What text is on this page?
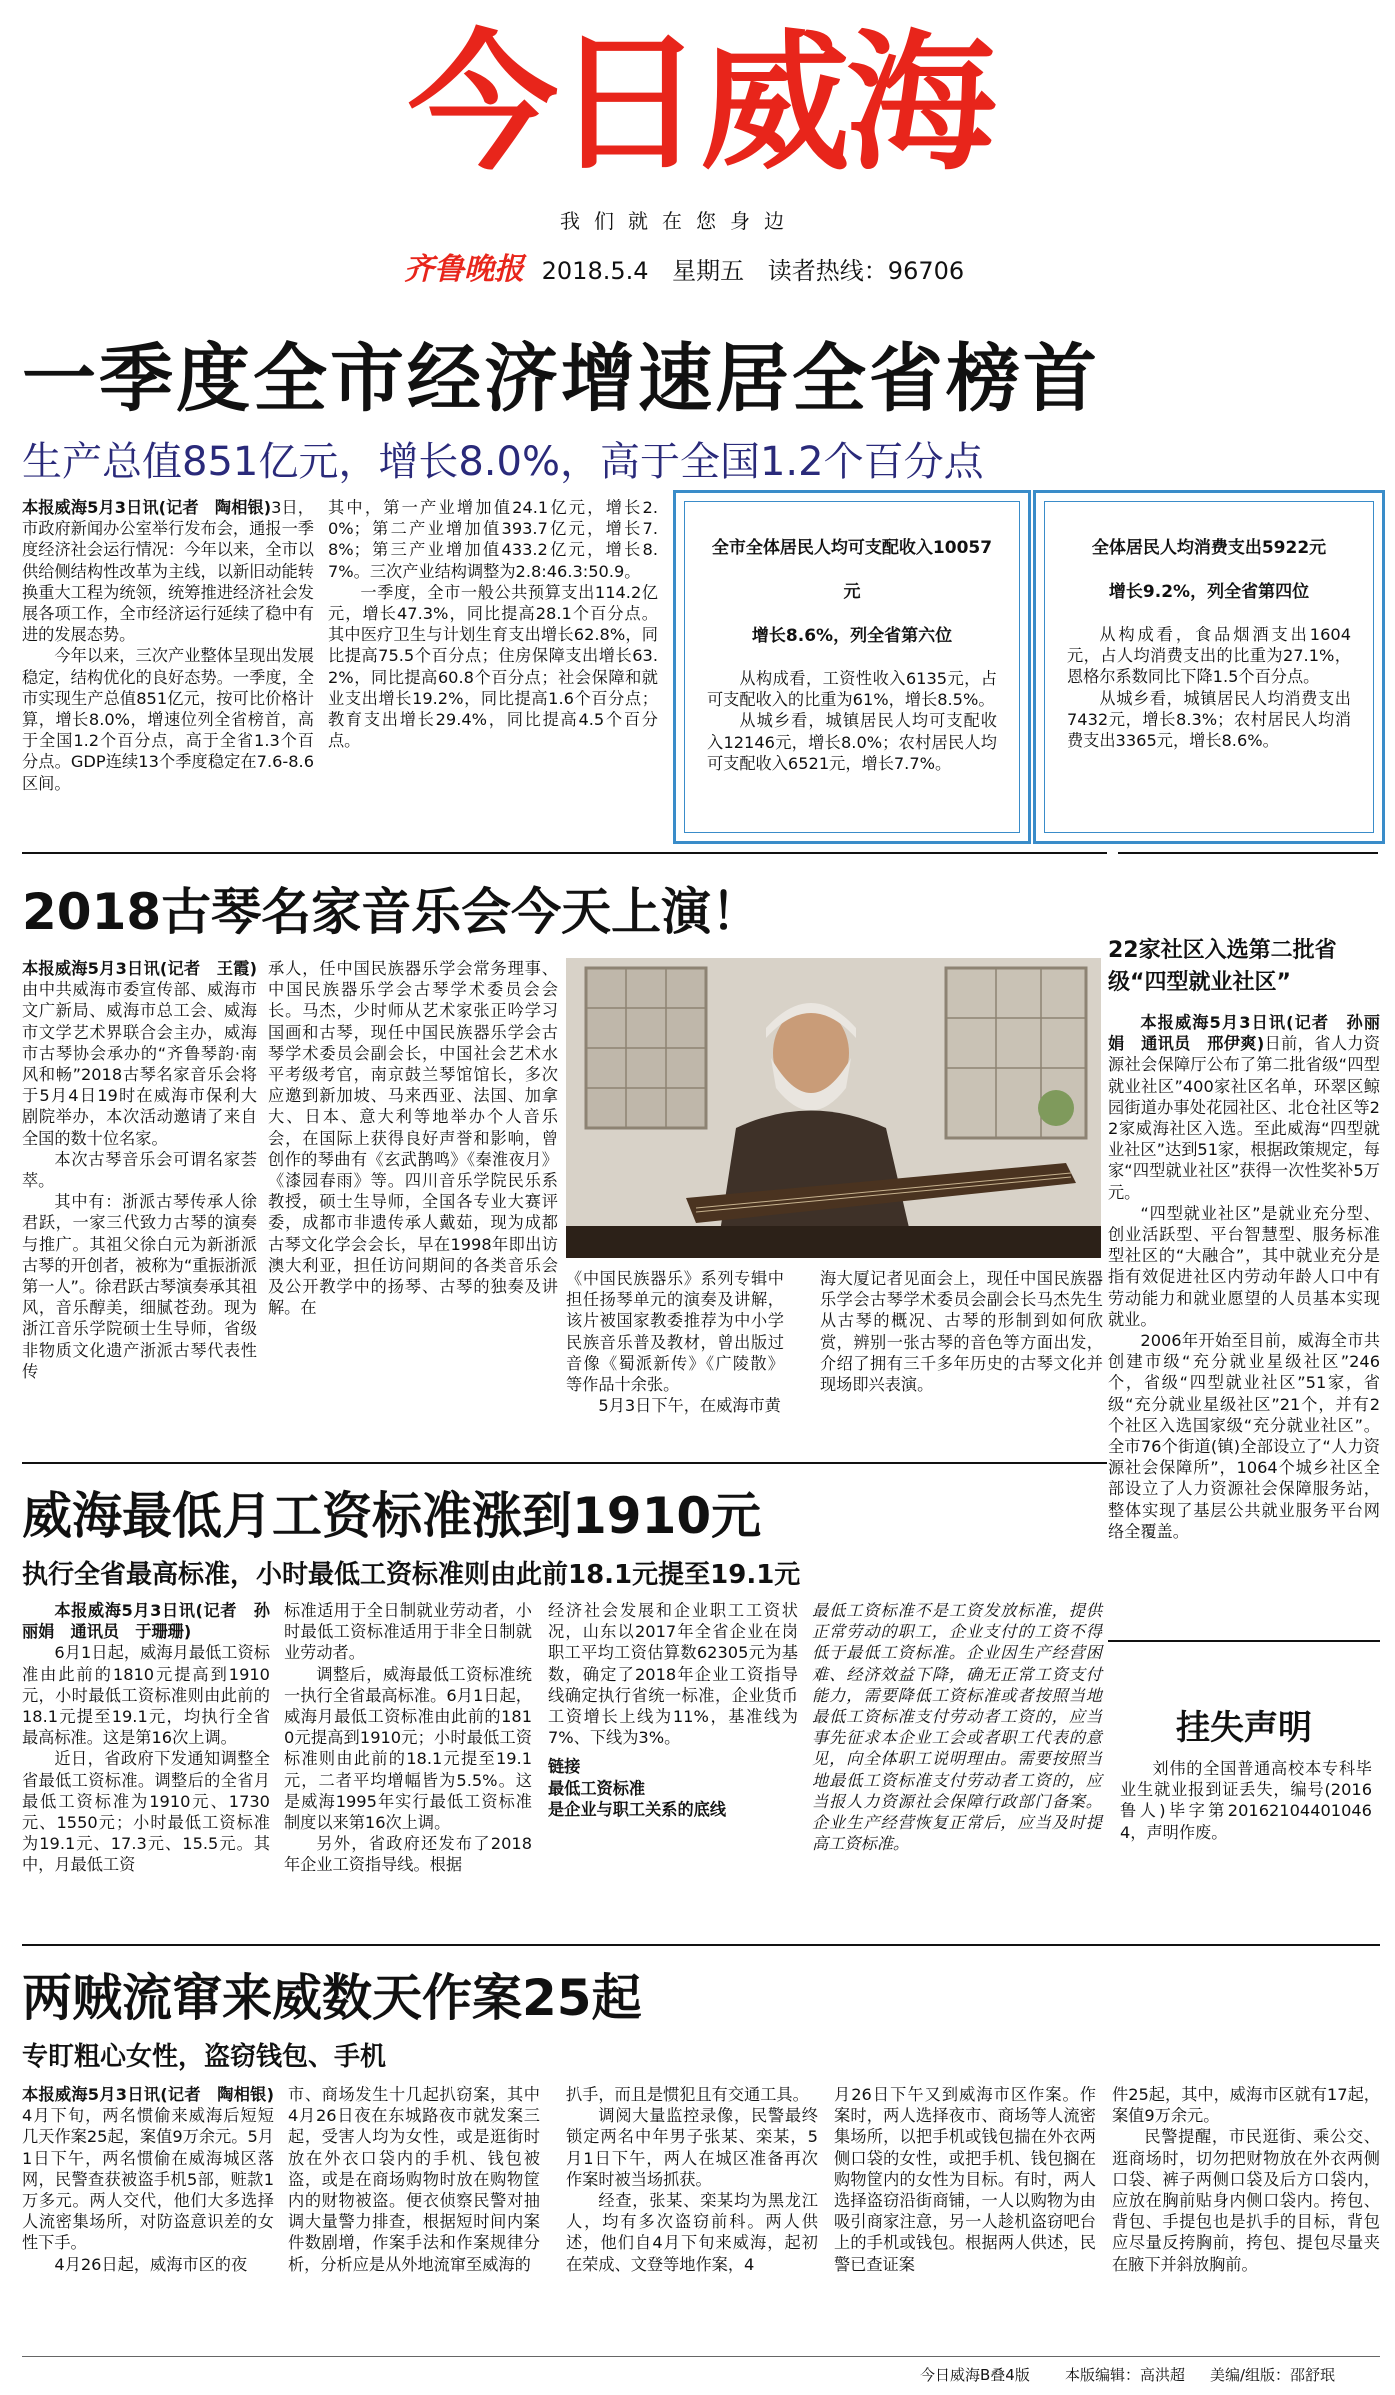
今日威海
我们就在您身边
齐鲁晚报 2018.5.4 星期五 读者热线：96706
一季度全市经济增速居全省榜首
生产总值851亿元，增长8.0%，高于全国1.2个百分点

本报威海5月3日讯(记者　陶相银)3日，市政府新闻办公室举行发布会，通报一季度经济社会运行情况：今年以来，全市以供给侧结构性改革为主线，以新旧动能转换重大工程为统领，统筹推进经济社会发展各项工作，全市经济运行延续了稳中有进的发展态势。

今年以来，三次产业整体呈现出发展稳定，结构优化的良好态势。一季度，全市实现生产总值851亿元，按可比价格计算，增长8.0%，增速位列全省榜首，高于全国1.2个百分点，高于全省1.3个百分点。GDP连续13个季度稳定在7.6-8.6区间。

其中，第一产业增加值24.1亿元，增长2.0%；第二产业增加值393.7亿元，增长7.8%；第三产业增加值433.2亿元，增长8.7%。三次产业结构调整为2.8:46.3:50.9。

一季度，全市一般公共预算支出114.2亿元，增长47.3%，同比提高28.1个百分点。其中医疗卫生与计划生育支出增长62.8%，同比提高75.5个百分点；住房保障支出增长63.2%，同比提高60.8个百分点；社会保障和就业支出增长19.2%，同比提高1.6个百分点；教育支出增长29.4%，同比提高4.5个百分点。

全市全体居民人均可支配收入10057元
增长8.6%，列全省第六位

从构成看，工资性收入6135元，占可支配收入的比重为61%，增长8.5%。

从城乡看，城镇居民人均可支配收入12146元，增长8.0%；农村居民人均可支配收入6521元，增长7.7%。

全体居民人均消费支出5922元
增长9.2%，列全省第四位

从构成看，食品烟酒支出1604元，占人均消费支出的比重为27.1%，恩格尔系数同比下降1.5个百分点。

从城乡看，城镇居民人均消费支出7432元，增长8.3%；农村居民人均消费支出3365元，增长8.6%。

2018古琴名家音乐会今天上演！

本报威海5月3日讯(记者　王霞)由中共威海市委宣传部、威海市文广新局、威海市总工会、威海市文学艺术界联合会主办，威海市古琴协会承办的“齐鲁琴韵·南风和畅”2018古琴名家音乐会将于5月4日19时在威海市保利大剧院举办，本次活动邀请了来自全国的数十位名家。

本次古琴音乐会可谓名家荟萃。

其中有：浙派古琴传承人徐君跃，一家三代致力古琴的演奏与推广。其祖父徐白元为新浙派古琴的开创者，被称为“重振浙派第一人”。徐君跃古琴演奏承其祖风，音乐醇美，细腻苍劲。现为浙江音乐学院硕士生导师，省级非物质文化遗产浙派古琴代表性传

承人，任中国民族器乐学会常务理事、中国民族器乐学会古琴学术委员会会长。马杰，少时师从艺术家张正吟学习国画和古琴，现任中国民族器乐学会古琴学术委员会副会长，中国社会艺术水平考级考官，南京鼓兰琴馆馆长，多次应邀到新加坡、马来西亚、法国、加拿大、日本、意大利等地举办个人音乐会，在国际上获得良好声誉和影响，曾创作的琴曲有《玄武鹊鸣》《秦淮夜月》《漆园春雨》等。四川音乐学院民乐系教授，硕士生导师，全国各专业大赛评委，成都市非遗传承人戴茹，现为成都古琴文化学会会长，早在1998年即出访澳大利亚，担任访问期间的各类音乐会及公开教学中的扬琴、古琴的独奏及讲解。在

《中国民族器乐》系列专辑中担任扬琴单元的演奏及讲解，该片被国家教委推荐为中小学民族音乐普及教材，曾出版过音像《蜀派新传》《广陵散》等作品十余张。

5月3日下午，在威海市黄

海大厦记者见面会上，现任中国民族器乐学会古琴学术委员会副会长马杰先生从古琴的概况、古琴的形制到如何欣赏，辨别一张古琴的音色等方面出发，介绍了拥有三千多年历史的古琴文化并现场即兴表演。

22家社区入选第二批省级“四型就业社区”

本报威海5月3日讯(记者　孙丽娟　通讯员　邢伊爽)日前，省人力资源社会保障厅公布了第二批省级“四型就业社区”400家社区名单，环翠区鲸园街道办事处花园社区、北仓社区等22家威海社区入选。至此威海“四型就业社区”达到51家，根据政策规定，每家“四型就业社区”获得一次性奖补5万元。

“四型就业社区”是就业充分型、创业活跃型、平台智慧型、服务标准型社区的“大融合”，其中就业充分是指有效促进社区内劳动年龄人口中有劳动能力和就业愿望的人员基本实现就业。

2006年开始至目前，威海全市共创建市级“充分就业星级社区”246个，省级“四型就业社区”51家，省级“充分就业星级社区”21个，并有2个社区入选国家级“充分就业社区”。全市76个街道(镇)全部设立了“人力资源社会保障所”，1064个城乡社区全部设立了人力资源社会保障服务站，整体实现了基层公共就业服务平台网络全覆盖。

威海最低月工资标准涨到1910元
执行全省最高标准，小时最低工资标准则由此前18.1元提至19.1元

本报威海5月3日讯(记者　孙丽娟　通讯员　于珊珊)

6月1日起，威海月最低工资标准由此前的1810元提高到1910元，小时最低工资标准则由此前的18.1元提至19.1元，均执行全省最高标准。这是第16次上调。

近日，省政府下发通知调整全省最低工资标准。调整后的全省月最低工资标准为1910元、1730元、1550元；小时最低工资标准为19.1元、17.3元、15.5元。其中，月最低工资

标准适用于全日制就业劳动者，小时最低工资标准适用于非全日制就业劳动者。

调整后，威海最低工资标准统一执行全省最高标准。6月1日起，威海月最低工资标准由此前的1810元提高到1910元；小时最低工资标准则由此前的18.1元提至19.1元，二者平均增幅皆为5.5%。这是威海1995年实行最低工资标准制度以来第16次上调。

另外，省政府还发布了2018年企业工资指导线。根据

经济社会发展和企业职工工资状况，山东以2017年全省企业在岗职工平均工资估算数62305元为基数，确定了2018年企业工资指导线确定执行省统一标准，企业货币工资增长上线为11%，基准线为7%、下线为3%。

链接
最低工资标准
是企业与职工关系的底线

最低工资标准不是工资发放标准，提供正常劳动的职工，企业支付的工资不得低于最低工资标准。企业因生产经营困难、经济效益下降，确无正常工资支付能力，需要降低工资标准或者按照当地最低工资标准支付劳动者工资的，应当事先征求本企业工会或者职工代表的意见，向全体职工说明理由。需要按照当地最低工资标准支付劳动者工资的，应当报人力资源社会保障行政部门备案。企业生产经营恢复正常后，应当及时提高工资标准。

挂失声明

刘伟的全国普通高校本专科毕业生就业报到证丢失，编号(2016鲁人)毕字第201621044010464，声明作废。

两贼流窜来威数天作案25起
专盯粗心女性，盗窃钱包、手机

本报威海5月3日讯(记者　陶相银)4月下旬，两名惯偷来威海后短短几天作案25起，案值9万余元。5月1日下午，两名惯偷在威海城区落网，民警查获被盗手机5部，赃款1万多元。两人交代，他们大多选择人流密集场所，对防盗意识差的女性下手。

4月26日起，威海市区的夜

市、商场发生十几起扒窃案，其中4月26日夜在东城路夜市就发案三起，受害人均为女性，或是逛街时放在外衣口袋内的手机、钱包被盗，或是在商场购物时放在购物筐内的财物被盗。便衣侦察民警对抽调大量警力排查，根据短时间内案件数剧增，作案手法和作案规律分析，分析应是从外地流窜至威海的

扒手，而且是惯犯且有交通工具。

调阅大量监控录像，民警最终锁定两名中年男子张某、栾某，5月1日下午，两人在城区准备再次作案时被当场抓获。

经查，张某、栾某均为黑龙江人，均有多次盗窃前科。两人供述，他们自4月下旬来威海，起初在荣成、文登等地作案，4

月26日下午又到威海市区作案。作案时，两人选择夜市、商场等人流密集场所，以把手机或钱包揣在外衣两侧口袋的女性，或把手机、钱包搁在购物筐内的女性为目标。有时，两人选择盗窃沿街商铺，一人以购物为由吸引商家注意，另一人趁机盗窃吧台上的手机或钱包。根据两人供述，民警已查证案

件25起，其中，威海市区就有17起，案值9万余元。

民警提醒，市民逛街、乘公交、逛商场时，切勿把财物放在外衣两侧口袋、裤子两侧口袋及后方口袋内，应放在胸前贴身内侧口袋内。挎包、背包、手提包也是扒手的目标，背包应尽量反挎胸前，挎包、提包尽量夹在腋下并斜放胸前。

今日威海B叠4版 本版编辑：高洪超 美编/组版：邵舒珉
